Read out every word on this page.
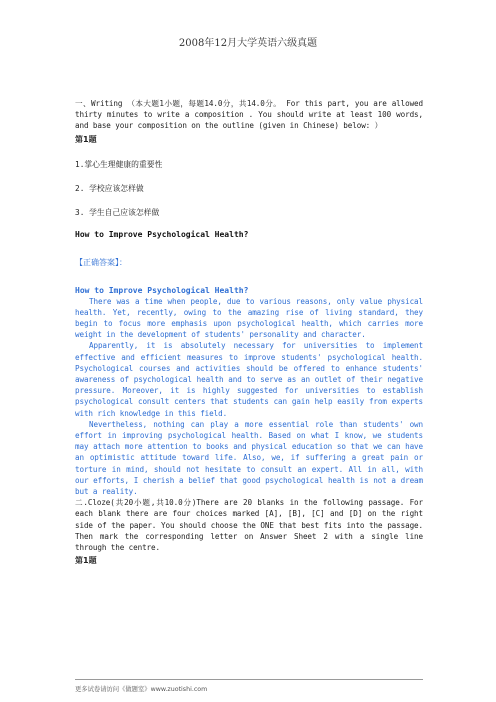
2008年12月大学英语六级真题

一、Writing （本大题1小题，每题14.0分，共14.0分。 For this part, you are allowed thirty minutes to write a composition . You should write at least 100 words, and base your composition on the outline (given in Chinese) below: ）

第1题
1.掌心生理健康的重要性
2. 学校应该怎样做
3. 学生自己应该怎样做
How to Improve Psychological Health?
【正确答案】：
How to Improve Psychological Health?

There was a time when people, due to various reasons, only value physical health. Yet, recently, owing to the amazing rise of living standard, they begin to focus more emphasis upon psychological health, which carries more weight in the development of students' personality and character.

Apparently, it is absolutely necessary for universities to implement effective and efficient measures to improve students' psychological health. Psychological courses and activities should be offered to enhance students' awareness of psychological health and to serve as an outlet of their negative pressure. Moreover, it is highly suggested for universities to establish psychological consult centers that students can gain help easily from experts with rich knowledge in this field.

Nevertheless, nothing can play a more essential role than students' own effort in improving psychological health. Based on what I know, we students may attach more attention to books and physical education so that we can have an optimistic attitude toward life. Also, we, if suffering a great pain or torture in mind, should not hesitate to consult an expert. All in all, with our efforts, I cherish a belief that good psychological health is not a dream but a reality.

二.Cloze(共20小题,共10.0分)There are 20 blanks in the following passage. For each blank there are four choices marked [A], [B], [C] and [D] on the right side of the paper. You should choose the ONE that best fits into the passage. Then mark the corresponding letter on Answer Sheet 2 with a single line through the centre.

第1题
更多试卷请访问《做题室》www.zuotishi.com
